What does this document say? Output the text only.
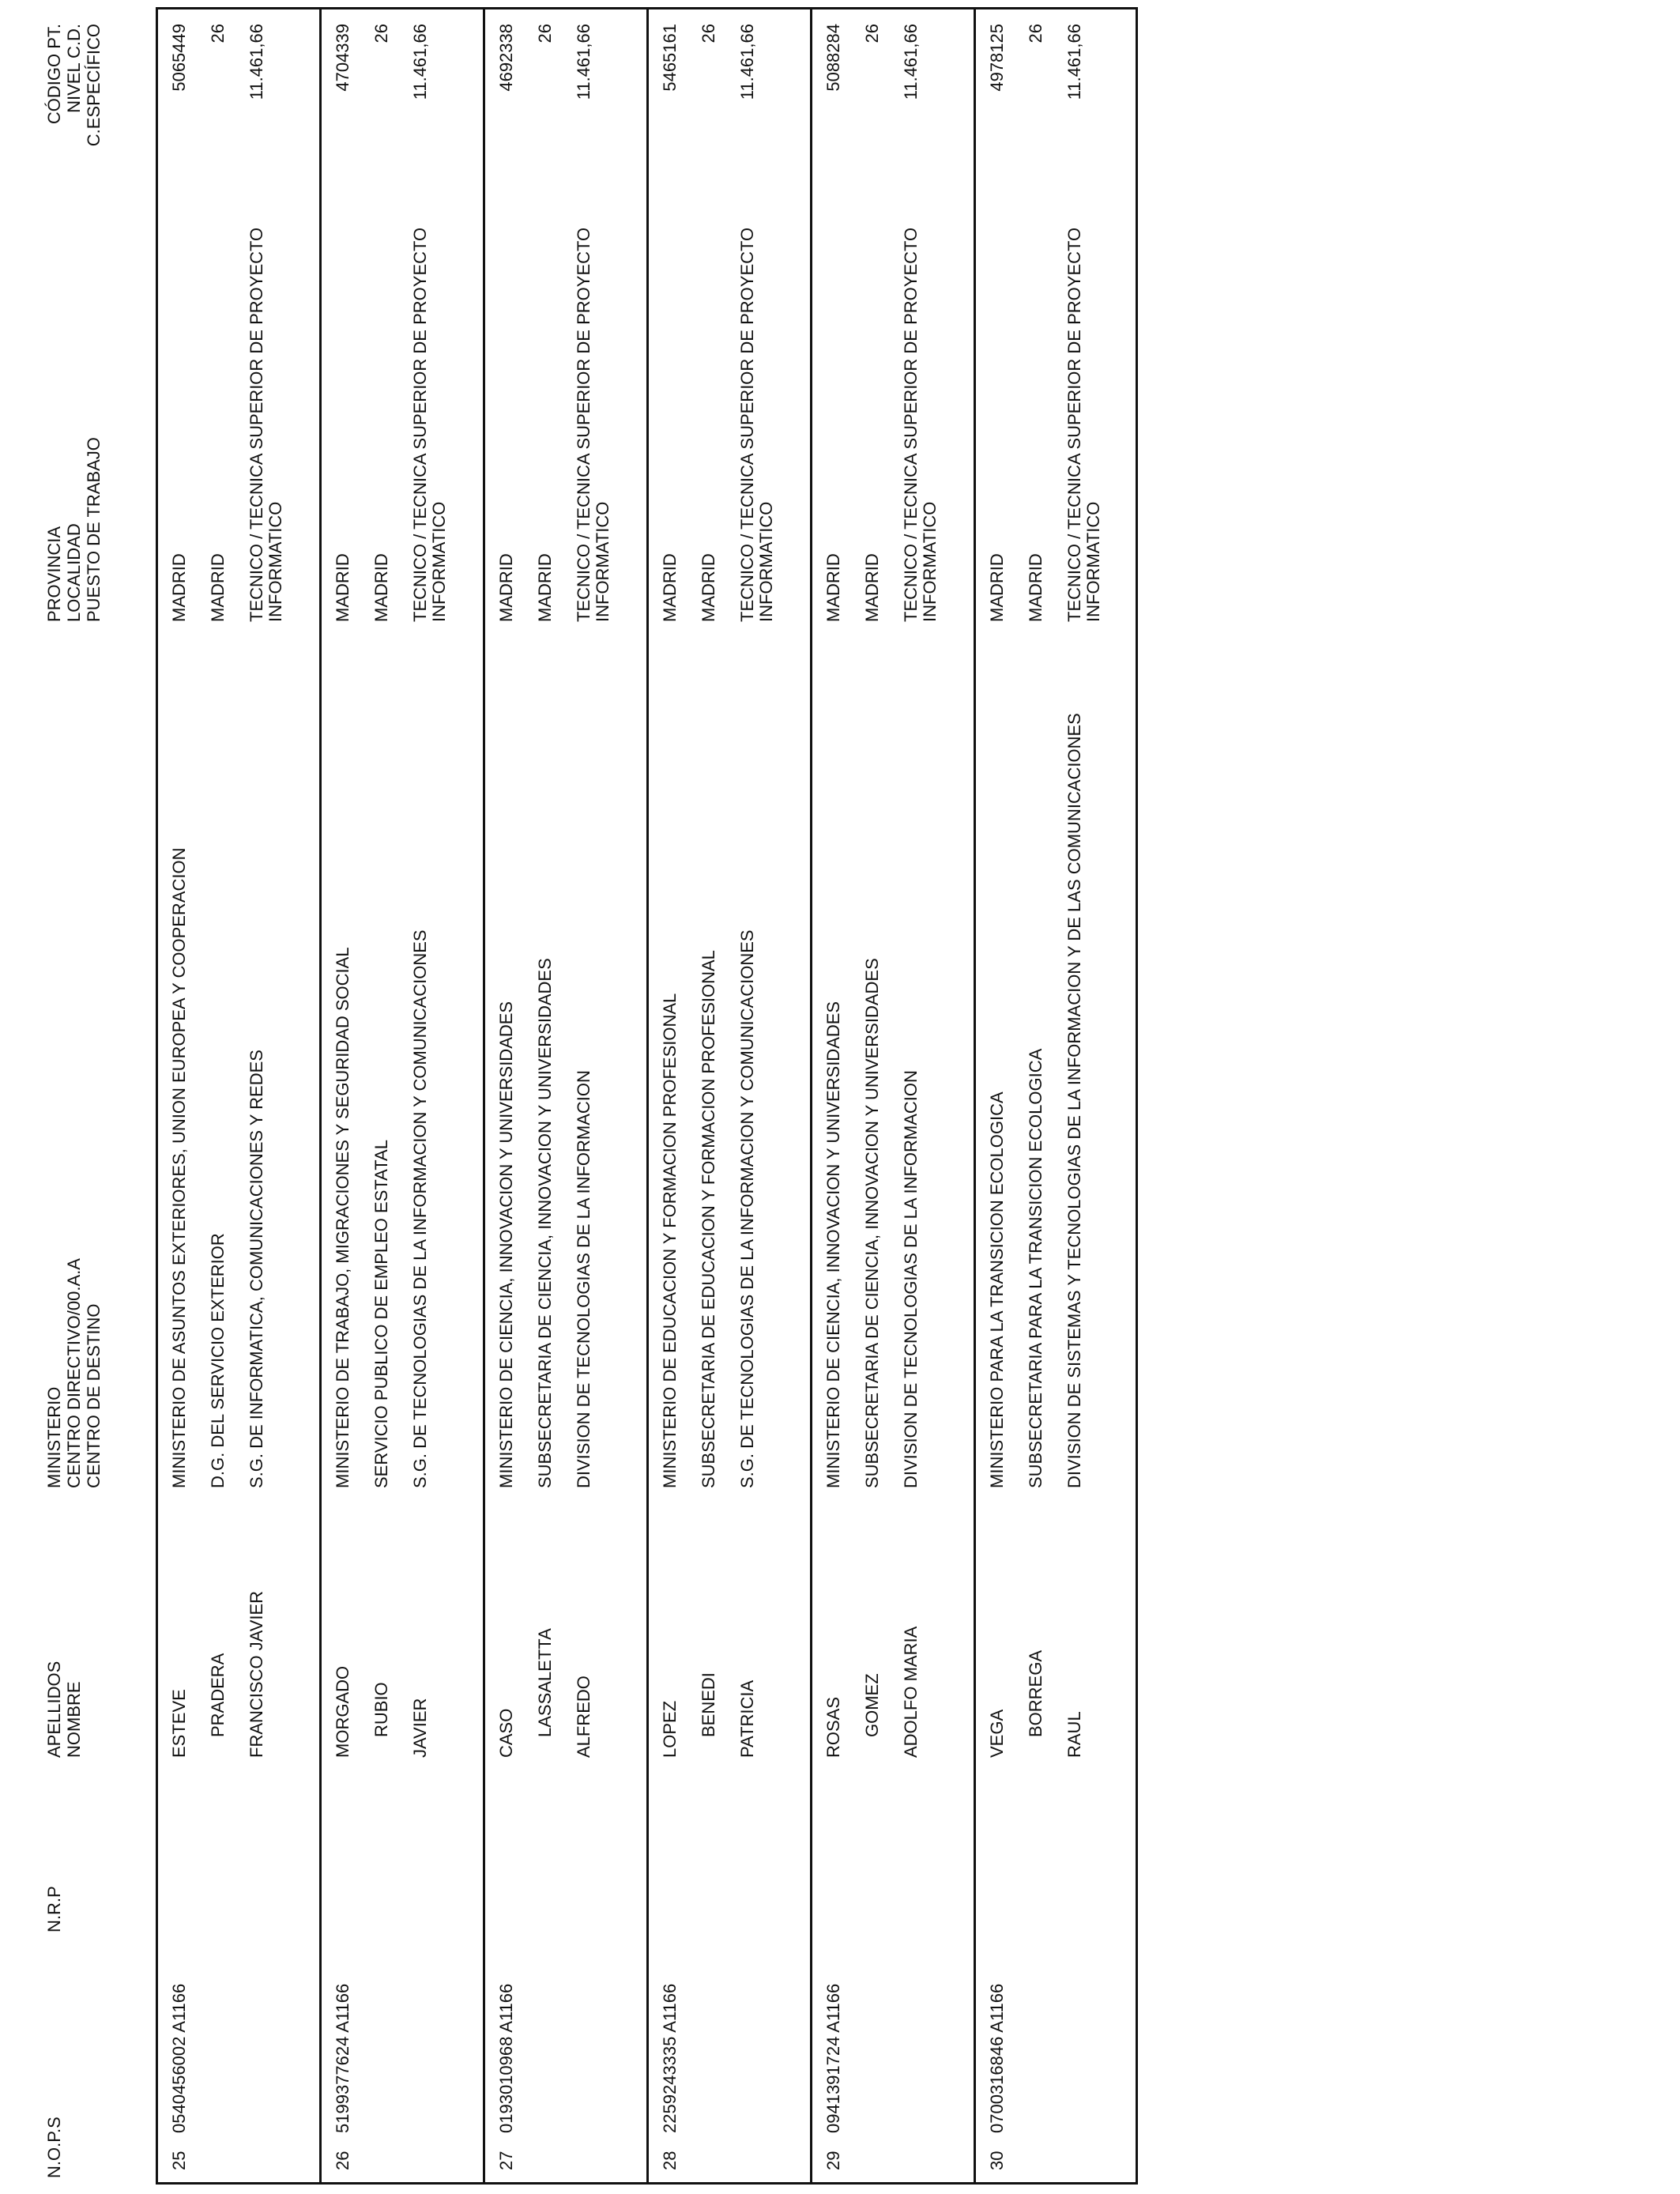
N.O.P.S
N.R.P
APELLIDOS NOMBRE
MINISTERIO CENTRO DIRECTIVO/00.A.A CENTRO DE DESTINO
PROVINCIA LOCALIDAD PUESTO DE TRABAJO
CÓDIGO PT. NIVEL C.D. C.ESPECÍFICO
25
0540456002 A1166
ESTEVE PRADERA FRANCISCO JAVIER
MINISTERIO DE ASUNTOS EXTERIORES, UNION EUROPEA Y COOPERACION D.G. DEL SERVICIO EXTERIOR S.G. DE INFORMATICA, COMUNICACIONES Y REDES
MADRID MADRID TECNICO / TECNICA SUPERIOR DE PROYECTO INFORMATICO
5065449 26 11.461,66
26
5199377624 A1166
MORGADO RUBIO JAVIER
MINISTERIO DE TRABAJO, MIGRACIONES Y SEGURIDAD SOCIAL SERVICIO PUBLICO DE EMPLEO ESTATAL S.G. DE TECNOLOGIAS DE LA INFORMACION Y COMUNICACIONES
MADRID MADRID TECNICO / TECNICA SUPERIOR DE PROYECTO INFORMATICO
4704339 26 11.461,66
27
0193010968 A1166
CASO LASSALETTA ALFREDO
MINISTERIO DE CIENCIA, INNOVACION Y UNIVERSIDADES SUBSECRETARIA DE CIENCIA, INNOVACION Y UNIVERSIDADES DIVISION DE TECNOLOGIAS DE LA INFORMACION
MADRID MADRID TECNICO / TECNICA SUPERIOR DE PROYECTO INFORMATICO
4692338 26 11.461,66
28
2259243335 A1166
LOPEZ BENEDI PATRICIA
MINISTERIO DE EDUCACION Y FORMACION PROFESIONAL SUBSECRETARIA DE EDUCACION Y FORMACION PROFESIONAL S.G. DE TECNOLOGIAS DE LA INFORMACION Y COMUNICACIONES
MADRID MADRID TECNICO / TECNICA SUPERIOR DE PROYECTO INFORMATICO
5465161 26 11.461,66
29
0941391724 A1166
ROSAS GOMEZ ADOLFO MARIA
MINISTERIO DE CIENCIA, INNOVACION Y UNIVERSIDADES SUBSECRETARIA DE CIENCIA, INNOVACION Y UNIVERSIDADES DIVISION DE TECNOLOGIAS DE LA INFORMACION
MADRID MADRID TECNICO / TECNICA SUPERIOR DE PROYECTO INFORMATICO
5088284 26 11.461,66
30
0700316846 A1166
VEGA BORREGA RAUL
MINISTERIO PARA LA TRANSICION ECOLOGICA SUBSECRETARIA PARA LA TRANSICION ECOLOGICA DIVISION DE SISTEMAS Y TECNOLOGIAS DE LA INFORMACION Y DE LAS COMUNICACIONES
MADRID MADRID TECNICO / TECNICA SUPERIOR DE PROYECTO INFORMATICO
4978125 26 11.461,66
